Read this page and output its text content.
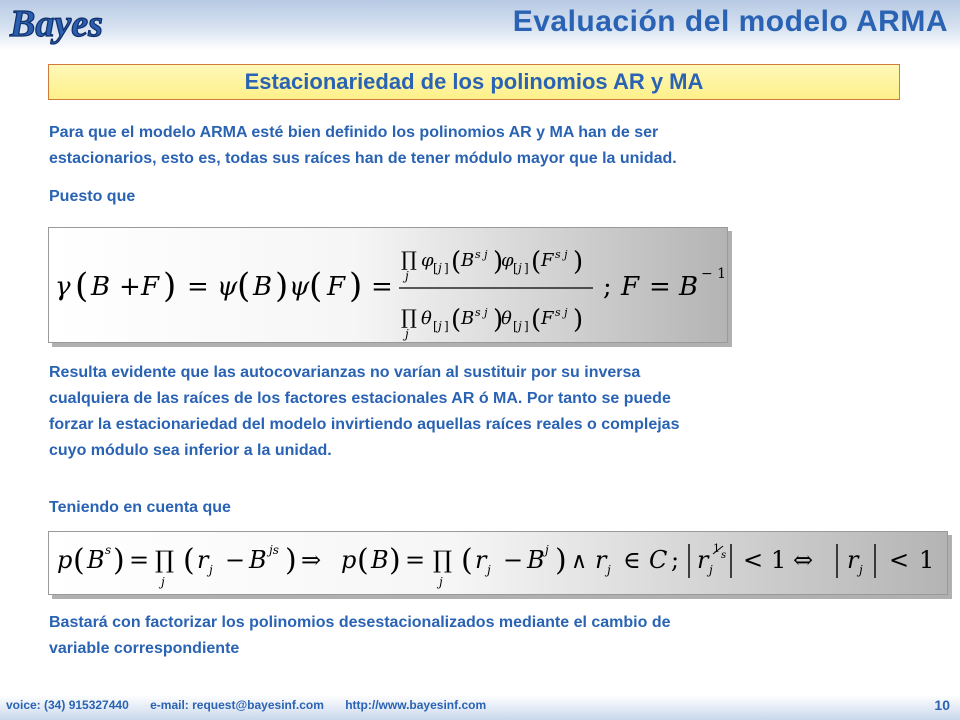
Bayes	Evaluación del modelo ARMA
Estacionariedad de los polinomios AR y MA
Para que el modelo ARMA esté bien definido los polinomios AR y MA han de ser
estacionarios, esto es, todas sus raíces han de tener módulo mayor que la unidad.
Puesto que
γ ( B + F ) = ψ ( B ) ψ ( F ) =
∏
j
φ [ j ] ( B s j )
φ [ j ] ( F s j )
∏
j
θ [ j ] ( B s j )
θ [ j ] ( F s j )
; F = B − 1
Resulta evidente que las autocovarianzas no varían al sustituir por su inversa
cualquiera de las raíces de los factores estacionales AR ó MA. Por tanto se puede
forzar la estacionariedad del modelo invirtiendo aquellas raíces reales o complejas
cuyo módulo sea inferior a la unidad.
Teniendo en cuenta que
p ( B s ) = ∏
j
( r j − B js ) ⇒ p ( B ) = ∏
j
( r j − B j ) ∧ r j ∈ C ; r j
1
s < 1 ⇔ r j < 1
Bastará con factorizar los polinomios desestacionalizados mediante el cambio de
variable correspondiente
voice: (34) 915327440 e-mail: request@bayesinf.com http://www.bayesinf.com	10
